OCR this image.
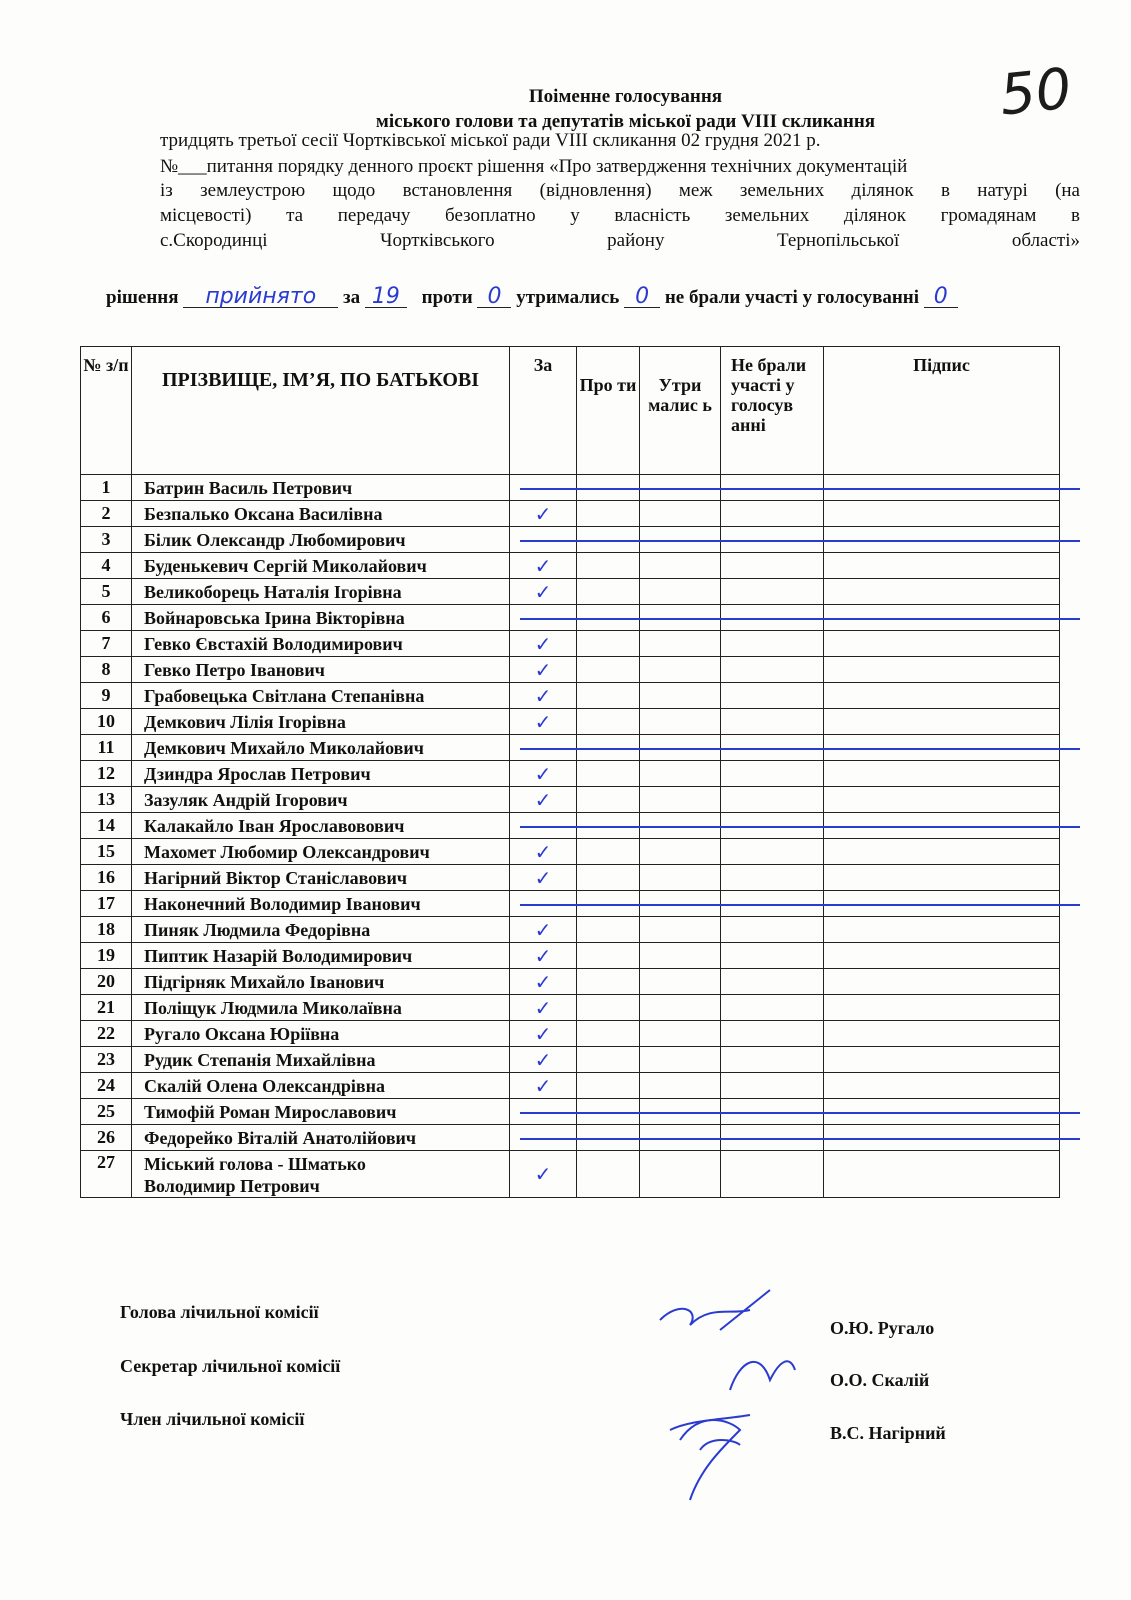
50
Поіменне голосування
міського голови та депутатів міської ради VIII скликання
тридцять третьої сесії Чортківської міської ради VIII скликання 02 грудня 2021 р.
№___питання порядку денного проєкт рішення «Про затвердження технічних документацій
із землеустрою щодо встановлення (відновлення) меж земельних ділянок в натурі (на
місцевості) та передачу безоплатно у власність земельних ділянок громадянам в
с.Скородинці Чортківського району Тернопільської області»
рішення прийнято за 19 проти 0 утримались 0 не брали участі у голосуванні 0
№ з/п	ПРІЗВИЩЕ, ІМ’Я, ПО БАТЬКОВІ	За	Про ти	Утри малис ь	Не брали участі у голосув анні	Підпис
1	Батрин Василь Петрович					
2	Безпалько Оксана Василівна	✓				
3	Білик Олександр Любомирович					
4	Буденькевич Сергій Миколайович	✓				
5	Великоборець Наталія Ігорівна	✓				
6	Войнаровська Ірина Вікторівна					
7	Гевко Євстахій Володимирович	✓				
8	Гевко Петро Іванович	✓				
9	Грабовецька Світлана Степанівна	✓				
10	Демкович Лілія Ігорівна	✓				
11	Демкович Михайло Миколайович					
12	Дзиндра Ярослав Петрович	✓				
13	Зазуляк Андрій Ігорович	✓				
14	Калакайло Іван Ярославовович					
15	Махомет Любомир Олександрович	✓				
16	Нагірний Віктор Станіславович	✓				
17	Наконечний Володимир Іванович					
18	Пиняк Людмила Федорівна	✓				
19	Пиптик Назарій Володимирович	✓				
20	Підгірняк Михайло Іванович	✓				
21	Поліщук Людмила Миколаївна	✓				
22	Ругало Оксана Юріївна	✓				
23	Рудик Степанія Михайлівна	✓				
24	Скалій Олена Олександрівна	✓				
25	Тимофій Роман Мирославович					
26	Федорейко Віталій Анатолійович					
27	Міський голова - Шматько
Володимир Петрович	✓				
Голова лічильної комісії
Секретар лічильної комісії
Член лічильної комісії
О.Ю. Ругало
О.О. Скалій
В.С. Нагірний
